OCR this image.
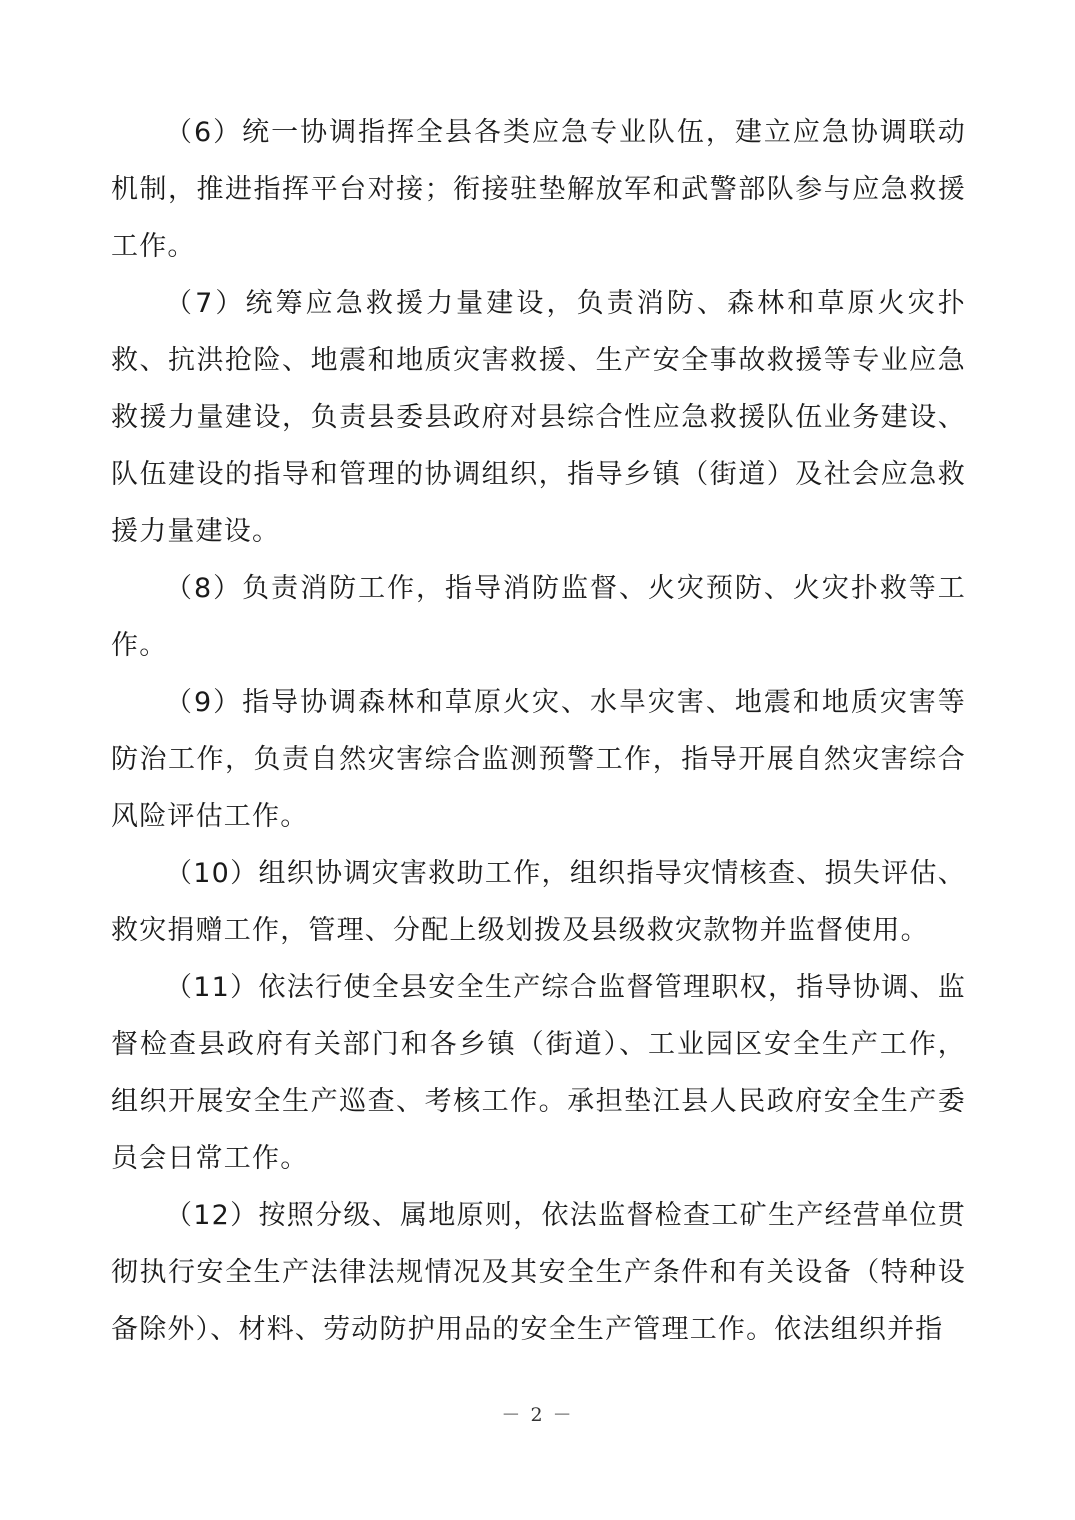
（6）统一协调指挥全县各类应急专业队伍，建立应急协调联动机制，推进指挥平台对接；衔接驻垫解放军和武警部队参与应急救援工作。

（7）统筹应急救援力量建设，负责消防、森林和草原火灾扑救、抗洪抢险、地震和地质灾害救援、生产安全事故救援等专业应急救援力量建设，负责县委县政府对县综合性应急救援队伍业务建设、队伍建设的指导和管理的协调组织，指导乡镇（街道）及社会应急救援力量建设。

（8）负责消防工作，指导消防监督、火灾预防、火灾扑救等工作。

（9）指导协调森林和草原火灾、水旱灾害、地震和地质灾害等防治工作，负责自然灾害综合监测预警工作，指导开展自然灾害综合风险评估工作。

（10）组织协调灾害救助工作，组织指导灾情核查、损失评估、救灾捐赠工作，管理、分配上级划拨及县级救灾款物并监督使用。

（11）依法行使全县安全生产综合监督管理职权，指导协调、监督检查县政府有关部门和各乡镇（街道）、工业园区安全生产工作，组织开展安全生产巡查、考核工作。承担垫江县人民政府安全生产委员会日常工作。

（12）按照分级、属地原则，依法监督检查工矿生产经营单位贯彻执行安全生产法律法规情况及其安全生产条件和有关设备（特种设备除外）、材料、劳动防护用品的安全生产管理工作。依法组织并指

－ 2 －
